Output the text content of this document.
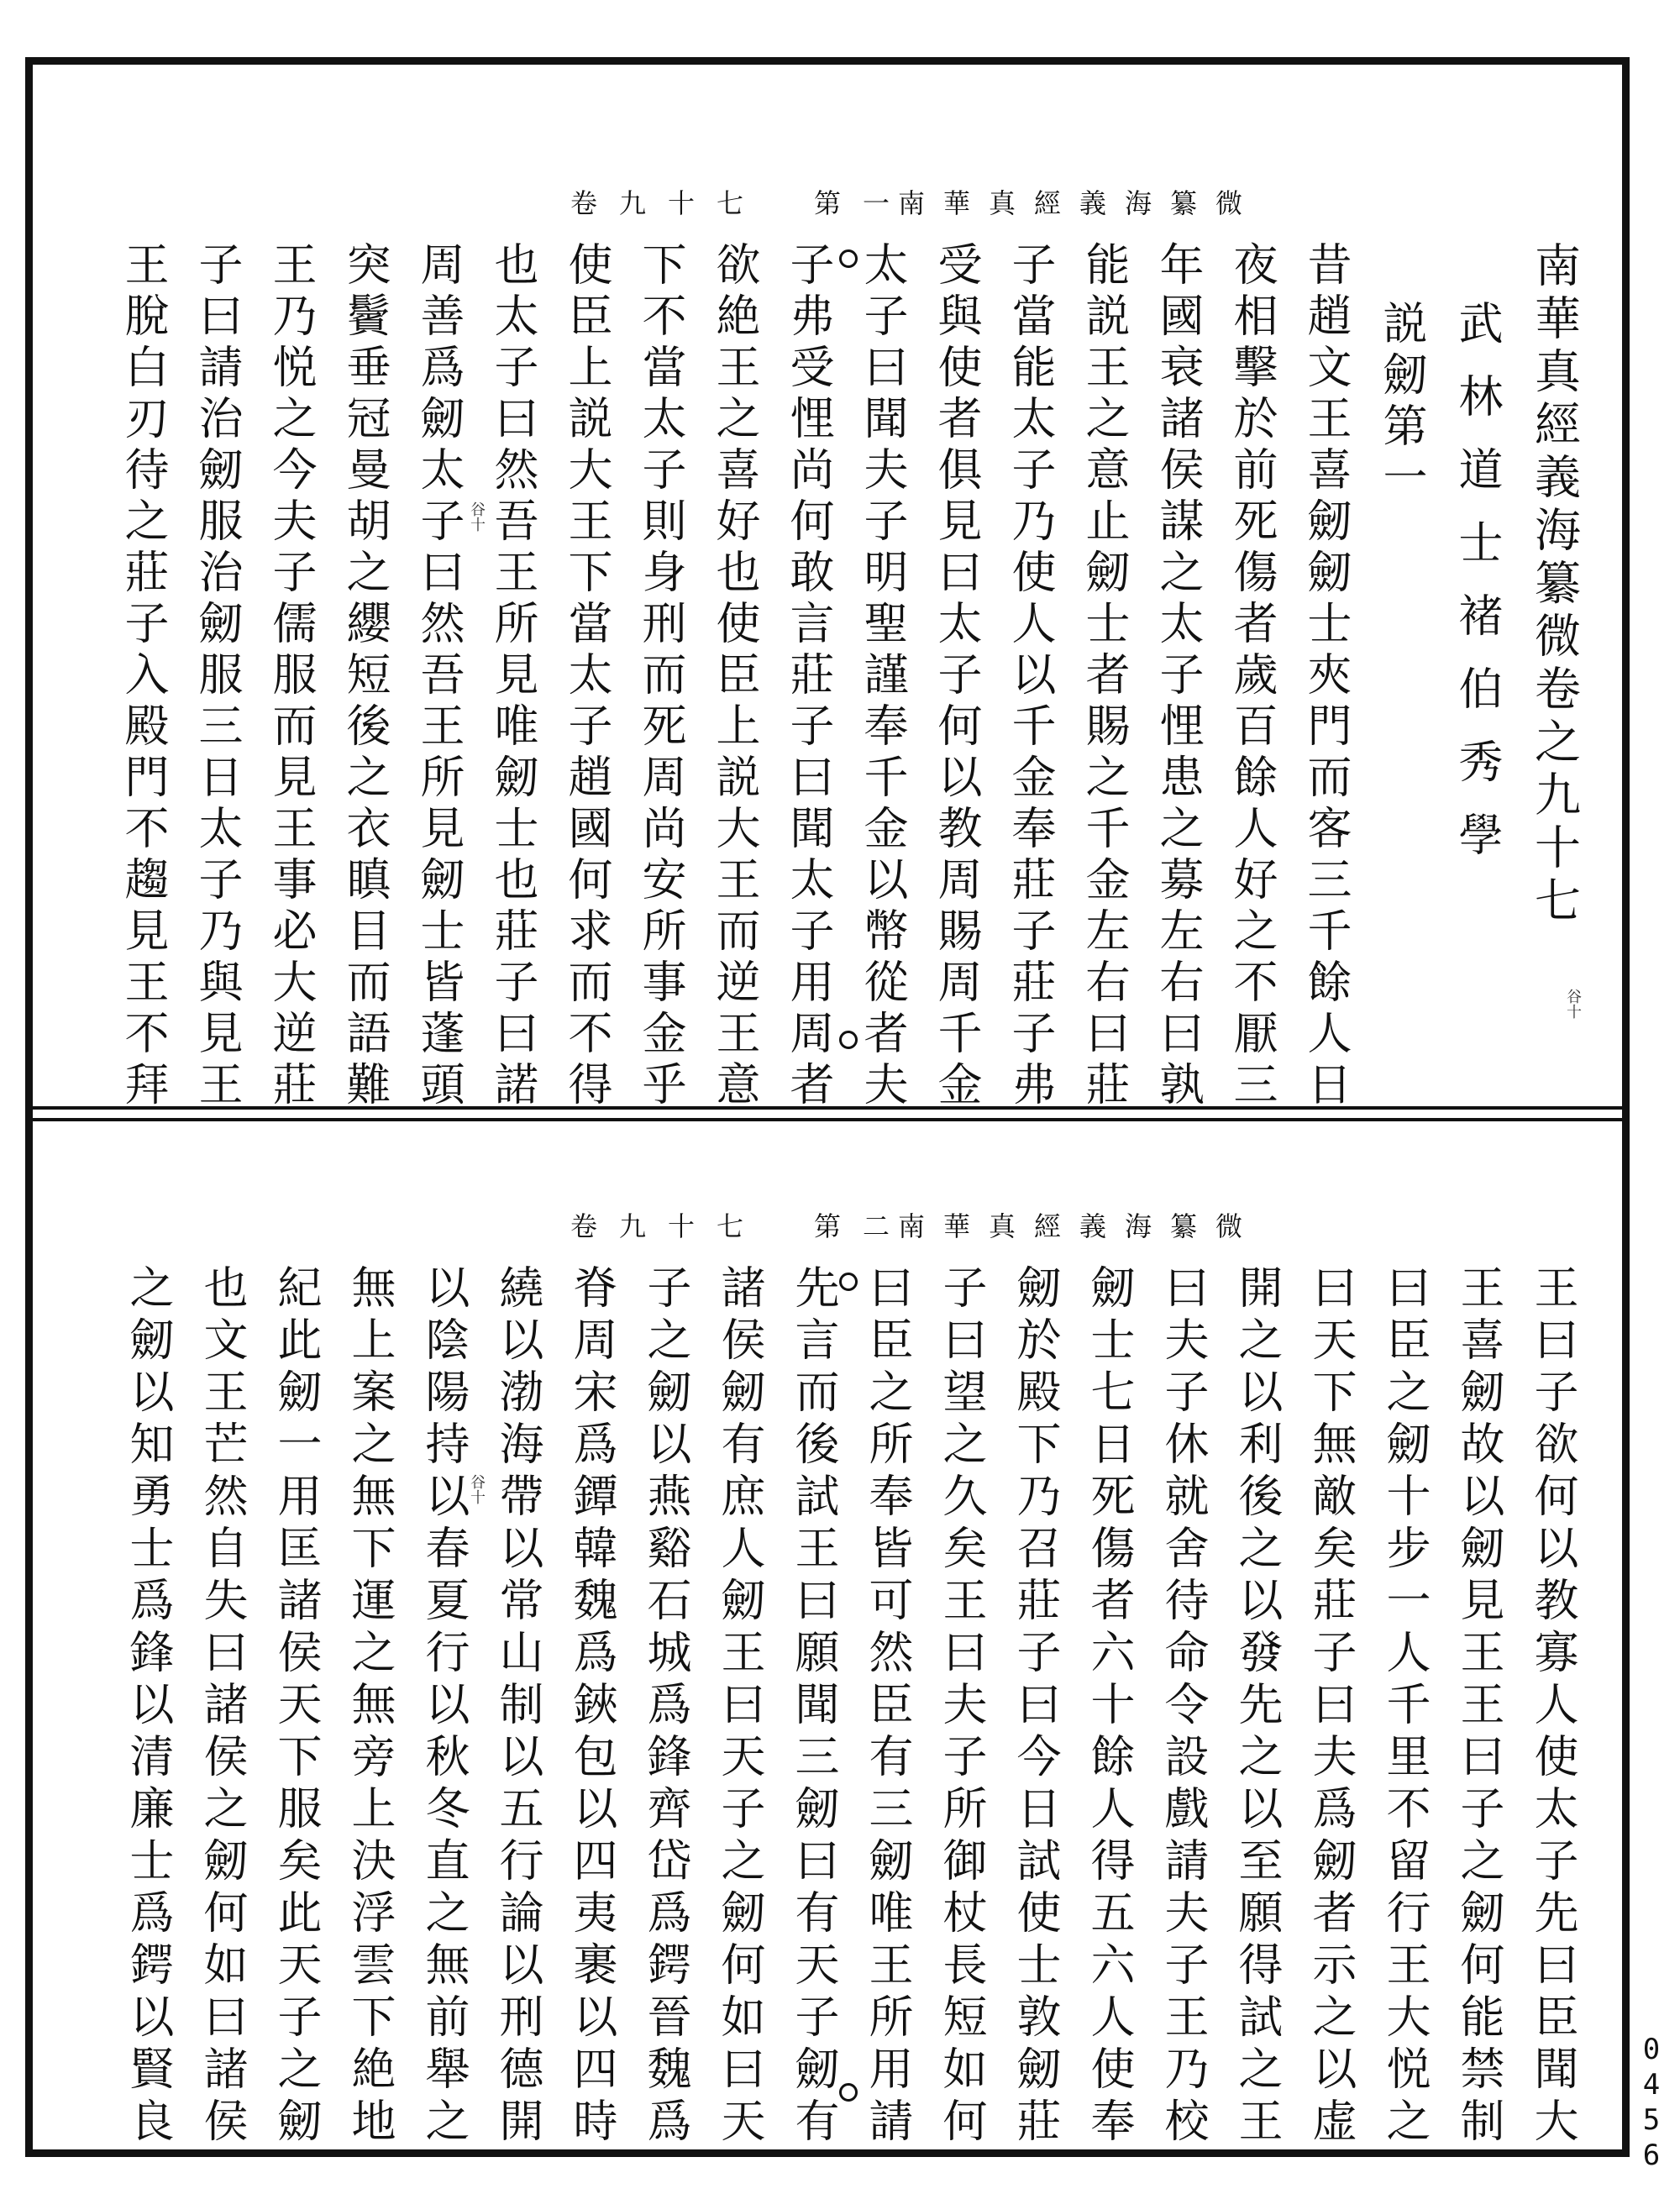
南華真經義海纂微
卷九十七　第一
南華真經義海纂微卷之九十七
武林道士褚伯秀學
説劒第一
昔趙文王喜劒劒士夾門而客三千餘人日
夜相擊於前死傷者歲百餘人好之不厭三
年國衰諸侯謀之太子悝患之募左右曰孰
能説王之意止劒士者賜之千金左右曰莊
子當能太子乃使人以千金奉莊子莊子弗
受與使者俱見曰太子何以教周賜周千金
太子曰聞夫子明聖謹奉千金以幣從者夫
子弗受悝尚何敢言莊子曰聞太子用周者
欲絶王之喜好也使臣上説大王而逆王意
下不當太子則身刑而死周尚安所事金乎
使臣上説大王下當太子趙國何求而不得
也太子曰然吾王所見唯劒士也莊子曰諾
周善爲劒太子曰然吾王所見劒士皆蓬頭
突鬢垂冠曼胡之纓短後之衣瞋目而語難
王乃悦之今夫子儒服而見王事必大逆莊
子曰請治劒服治劒服三日太子乃與見王
王脫白刃待之莊子入殿門不趨見王不拜	谷十
谷十
南華真經義海纂微
卷九十七　第二
王曰子欲何以教寡人使太子先曰臣聞大
王喜劒故以劒見王王曰子之劒何能禁制
曰臣之劒十步一人千里不留行王大悦之
曰天下無敵矣莊子曰夫爲劒者示之以虚
開之以利後之以發先之以至願得試之王
曰夫子休就舍待命令設戲請夫子王乃校
劒士七日死傷者六十餘人得五六人使奉
劒於殿下乃召莊子曰今日試使士敦劒莊
子曰望之久矣王曰夫子所御杖長短如何
曰臣之所奉皆可然臣有三劒唯王所用請
先言而後試王曰願聞三劒曰有天子劒有
諸侯劒有庶人劒王曰天子之劒何如曰天
子之劒以燕谿石城爲鋒齊岱爲鍔晉魏爲
脊周宋爲鐔韓魏爲鋏包以四夷裹以四時
繞以渤海帶以常山制以五行論以刑德開
以陰陽持以春夏行以秋冬直之無前舉之
無上案之無下運之無旁上決浮雲下絶地
紀此劒一用匡諸侯天下服矣此天子之劒
也文王芒然自失曰諸侯之劒何如曰諸侯
之劒以知勇士爲鋒以清廉士爲鍔以賢良	谷十
0456
